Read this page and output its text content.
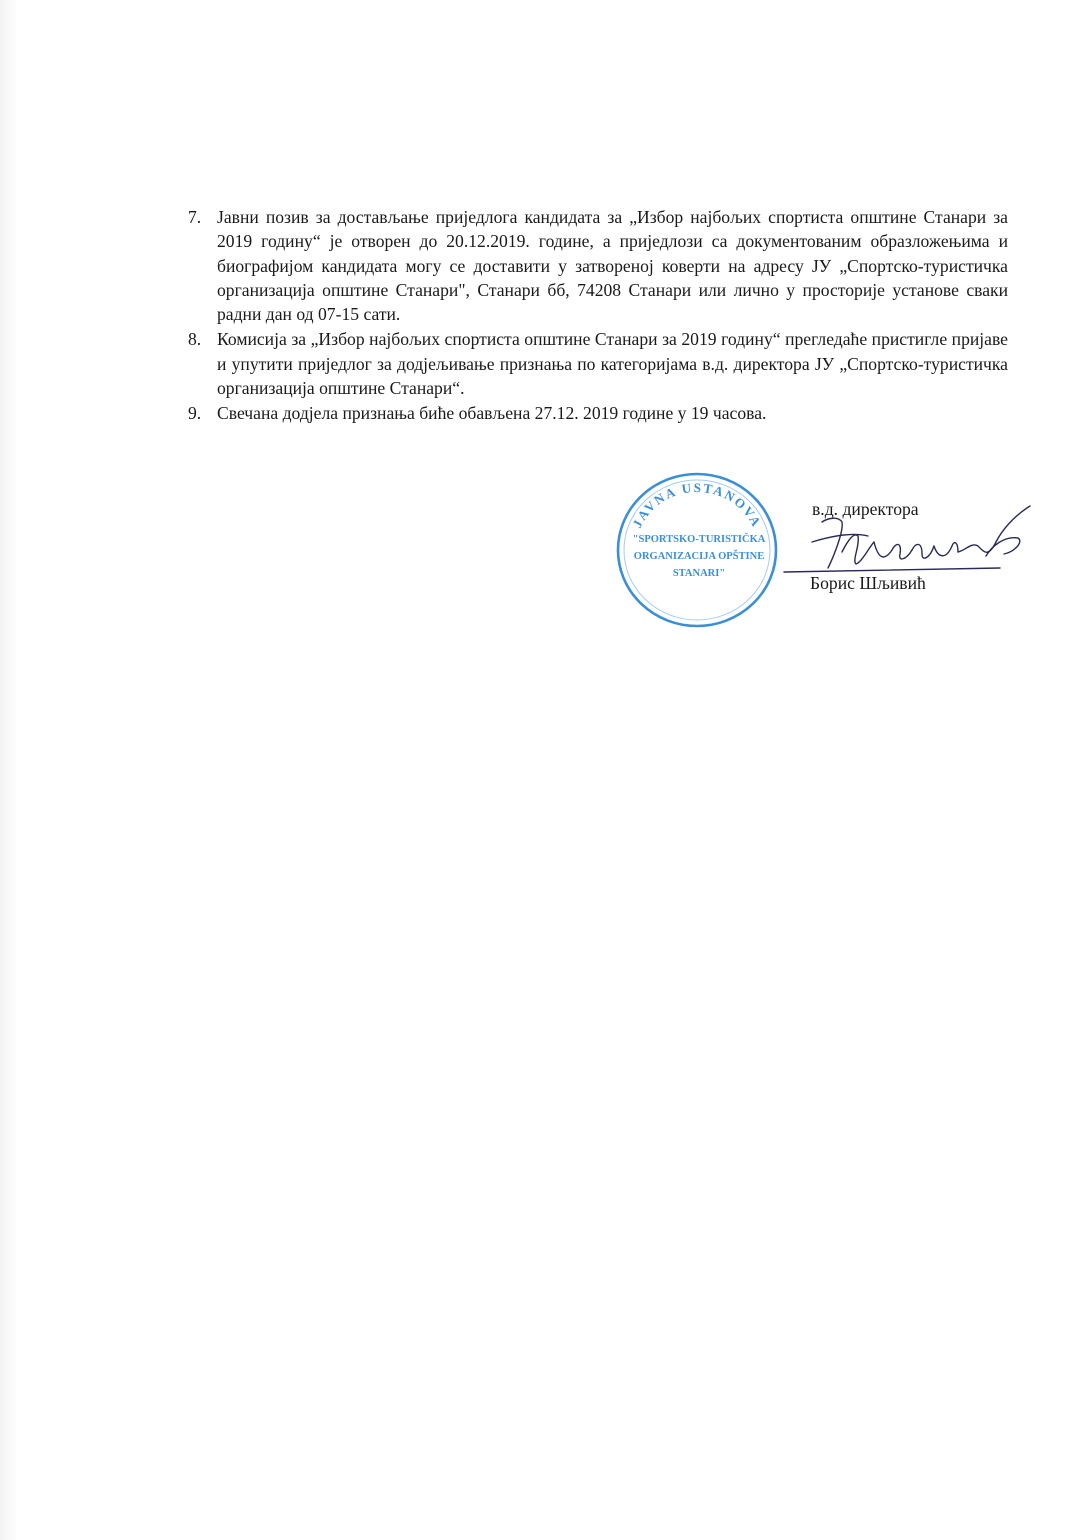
7. Јавни позив за достављање приједлога кандидата за „Избор најбољих спортиста општине Станари за 2019 годину“ је отворен до 20.12.2019. године, а приједлози са документованим образложењима и биографијом кандидата могу се доставити у затвореној коверти на адресу ЈУ „Спортско-туристичка организација општине Станари", Станари бб, 74208 Станари или лично у просторије установе сваки радни дан од 07-15 сати.
8. Комисија за „Избор најбољих спортиста општине Станари за 2019 годину“ прегледаће пристигле пријаве и упутити приједлог за додјељивање признања по категоријама в.д. директора ЈУ „Спортско-туристичка организација општине Станари“.
9. Свечана додјела признања биће обављена 27.12. 2019 године у 19 часова.
JAVNA USTANOVA
"SPORTSKO-TURISTIČKA
ORGANIZACIJA OPŠTINE
STANARI"
в.д. директора
Борис Шљивић
